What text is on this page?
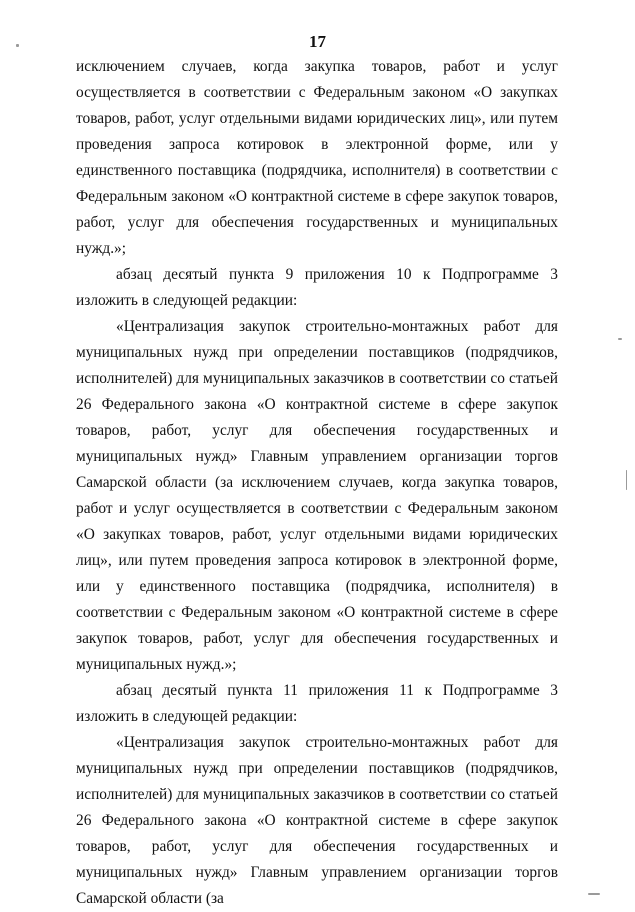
17

исключением случаев, когда закупка товаров, работ и услуг осуществляется в соответствии с Федеральным законом «О закупках товаров, работ, услуг отдельными видами юридических лиц», или путем проведения запроса котировок в электронной форме, или у единственного поставщика (подрядчика, исполнителя) в соответствии с Федеральным законом «О контрактной системе в сфере закупок товаров, работ, услуг для обеспечения государственных и муниципальных нужд.»;

абзац десятый пункта 9 приложения 10 к Подпрограмме 3 изложить в следующей редакции:

«Централизация закупок строительно-монтажных работ для муниципальных нужд при определении поставщиков (подрядчиков, исполнителей) для муниципальных заказчиков в соответствии со статьей 26 Федерального закона «О контрактной системе в сфере закупок товаров, работ, услуг для обеспечения государственных и муниципальных нужд» Главным управлением организации торгов Самарской области (за исключением случаев, когда закупка товаров, работ и услуг осуществляется в соответствии с Федеральным законом «О закупках товаров, работ, услуг отдельными видами юридических лиц», или путем проведения запроса котировок в электронной форме, или у единственного поставщика (подрядчика, исполнителя) в соответствии с Федеральным законом «О контрактной системе в сфере закупок товаров, работ, услуг для обеспечения государственных и муниципальных нужд.»;

абзац десятый пункта 11 приложения 11 к Подпрограмме 3 изложить в следующей редакции:

«Централизация закупок строительно-монтажных работ для муниципальных нужд при определении поставщиков (подрядчиков, исполнителей) для муниципальных заказчиков в соответствии со статьей 26 Федерального закона «О контрактной системе в сфере закупок товаров, работ, услуг для обеспечения государственных и муниципальных нужд» Главным управлением организации торгов Самарской области (за
